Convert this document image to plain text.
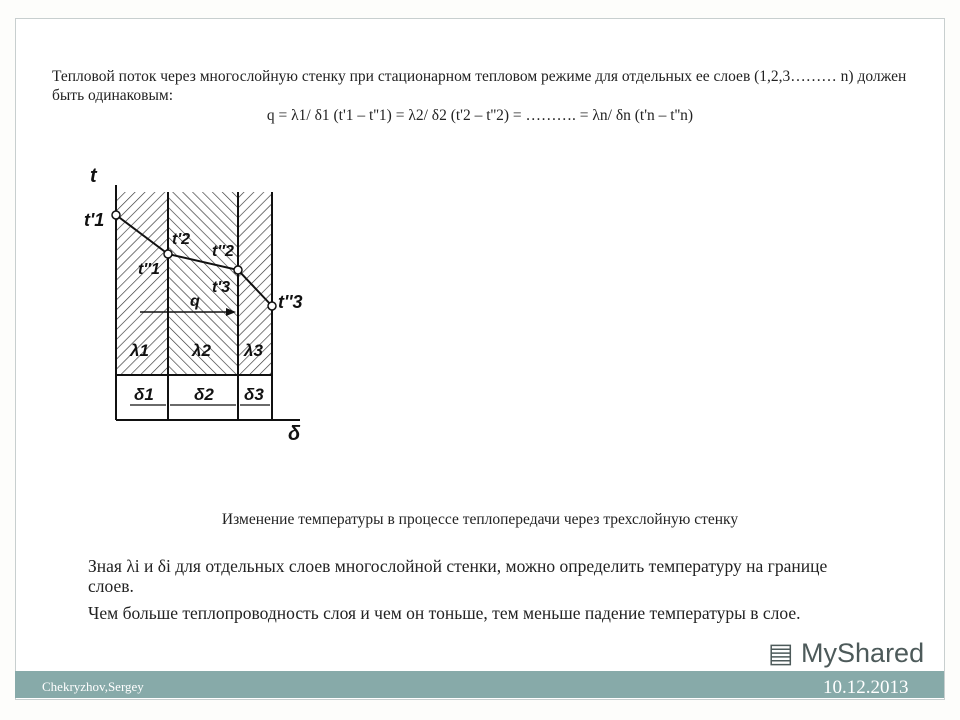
Тепловой поток через многослойную стенку при стационарном тепловом режиме для отдельных ее слоев (1,2,3……… n) должен быть одинаковым:

q = λ1/ δ1 (t'1 – t''1) = λ2/ δ2 (t'2 – t''2) = ………. = λn/ δn (t'n – t''n)

t
δ
t'1
t''1
t'2
t''2
t'3
t''3
q
λ1	λ2 λ3
δ1 δ2 δ3

Изменение температуры в процессе теплопередачи через трехслойную стенку

Зная λi и δi для отдельных слоев многослойной стенки, можно определить температуру на границе слоев.

Чем больше теплопроводность слоя и чем он тоньше, тем меньше падение температуры в слое.

Chekryzhov,Sergey
▤ MyShared
10.12.2013
